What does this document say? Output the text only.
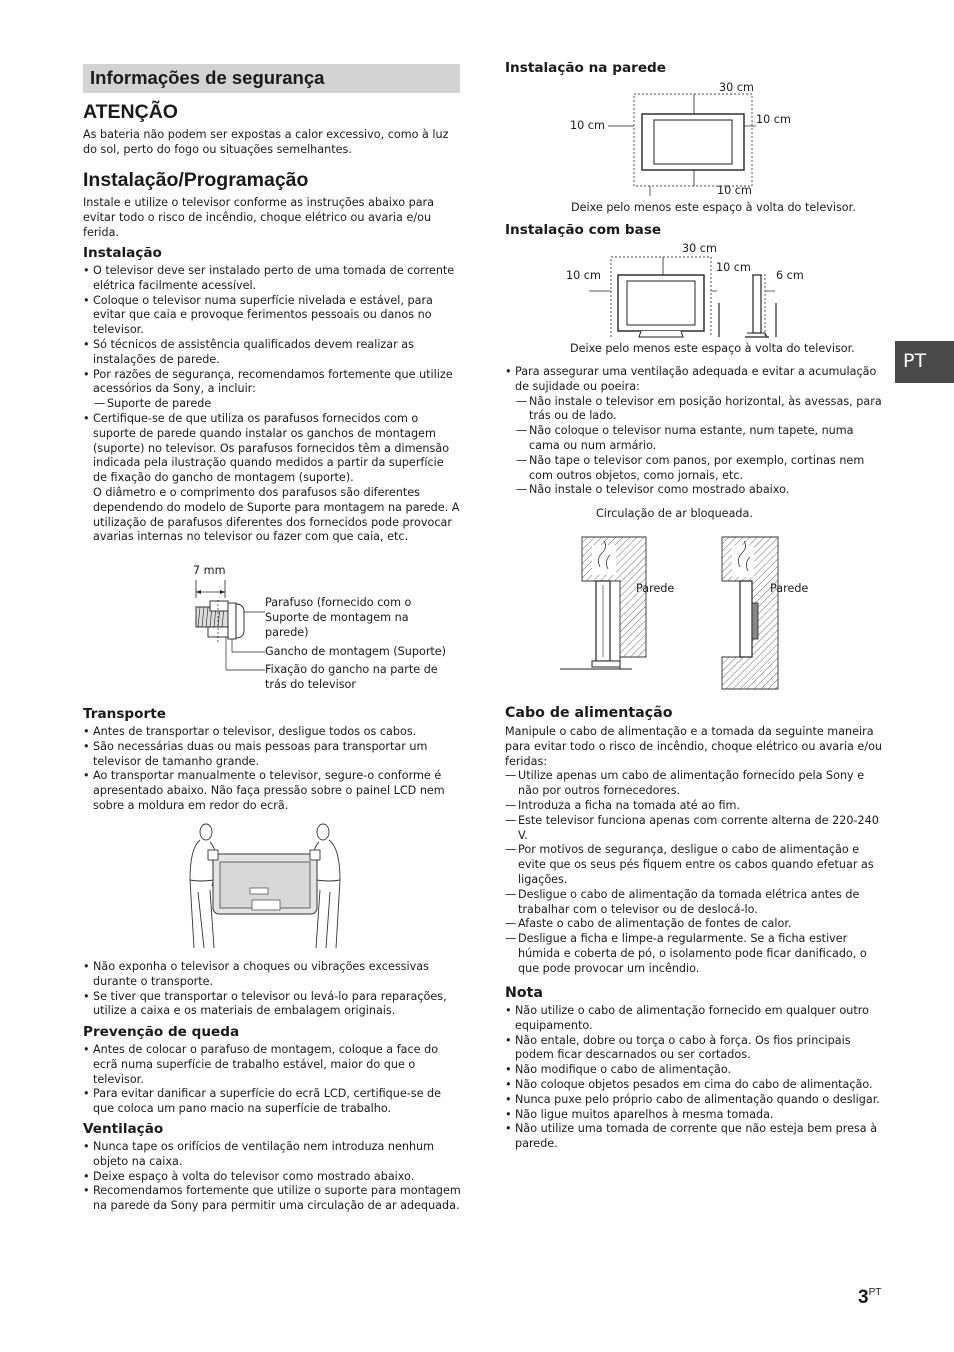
Informações de segurança
ATENÇÃO

As bateria não podem ser expostas a calor excessivo, como à luz do sol, perto do fogo ou situações semelhantes.

Instalação/Programação

Instale e utilize o televisor conforme as instruções abaixo para evitar todo o risco de incêndio, choque elétrico ou avaria e/ou ferida.

Instalação
• O televisor deve ser instalado perto de uma tomada de corrente elétrica facilmente acessível.
• Coloque o televisor numa superfície nivelada e estável, para evitar que caia e provoque ferimentos pessoais ou danos no televisor.
• Só técnicos de assistência qualificados devem realizar as instalações de parede.
• Por razões de segurança, recomendamos fortemente que utilize acessórios da Sony, a incluir:
— Suporte de parede
• Certifique-se de que utiliza os parafusos fornecidos com o suporte de parede quando instalar os ganchos de montagem (suporte) no televisor. Os parafusos fornecidos têm a dimensão indicada pela ilustração quando medidos a partir da superfície de fixação do gancho de montagem (suporte).

O diâmetro e o comprimento dos parafusos são diferentes dependendo do modelo de Suporte para montagem na parede. A utilização de parafusos diferentes dos fornecidos pode provocar avarias internas no televisor ou fazer com que caia, etc.

7 mm
Parafuso (fornecido com o Suporte de montagem na parede)
Gancho de montagem (Suporte)
Fixação do gancho na parte de trás do televisor
Transporte
• Antes de transportar o televisor, desligue todos os cabos.
• São necessárias duas ou mais pessoas para transportar um televisor de tamanho grande.
• Ao transportar manualmente o televisor, segure-o conforme é apresentado abaixo. Não faça pressão sobre o painel LCD nem sobre a moldura em redor do ecrã.
• Não exponha o televisor a choques ou vibrações excessivas durante o transporte.
• Se tiver que transportar o televisor ou levá-lo para reparações, utilize a caixa e os materiais de embalagem originais.
Prevenção de queda
• Antes de colocar o parafuso de montagem, coloque a face do ecrã numa superfície de trabalho estável, maior do que o televisor.
• Para evitar danificar a superfície do ecrã LCD, certifique-se de que coloca um pano macio na superfície de trabalho.
Ventilação
• Nunca tape os orifícios de ventilação nem introduza nenhum objeto na caixa.
• Deixe espaço à volta do televisor como mostrado abaixo.
• Recomendamos fortemente que utilize o suporte para montagem na parede da Sony para permitir uma circulação de ar adequada.
Instalação na parede
30 cm
10 cm	10 cm
10 cm
Deixe pelo menos este espaço à volta do televisor.
Instalação com base
30 cm
10 cm
10 cm
6 cm
Deixe pelo menos este espaço à volta do televisor.
• Para assegurar uma ventilação adequada e evitar a acumulação de sujidade ou poeira:
— Não instale o televisor em posição horizontal, às avessas, para trás ou de lado.
— Não coloque o televisor numa estante, num tapete, numa cama ou num armário.
— Não tape o televisor com panos, por exemplo, cortinas nem com outros objetos, como jornais, etc.
— Não instale o televisor como mostrado abaixo.
Circulação de ar bloqueada.
Parede	Parede
Cabo de alimentação

Manipule o cabo de alimentação e a tomada da seguinte maneira para evitar todo o risco de incêndio, choque elétrico ou avaria e/ou feridas:

— Utilize apenas um cabo de alimentação fornecido pela Sony e não por outros fornecedores.
— Introduza a ficha na tomada até ao fim.
— Este televisor funciona apenas com corrente alterna de 220-240 V.
— Por motivos de segurança, desligue o cabo de alimentação e evite que os seus pés fiquem entre os cabos quando efetuar as ligações.
— Desligue o cabo de alimentação da tomada elétrica antes de trabalhar com o televisor ou de deslocá-lo.
— Afaste o cabo de alimentação de fontes de calor.
— Desligue a ficha e limpe-a regularmente. Se a ficha estiver húmida e coberta de pó, o isolamento pode ficar danificado, o que pode provocar um incêndio.
Nota
• Não utilize o cabo de alimentação fornecido em qualquer outro equipamento.
• Não entale, dobre ou torça o cabo à força. Os fios principais podem ficar descarnados ou ser cortados.
• Não modifique o cabo de alimentação.
• Não coloque objetos pesados em cima do cabo de alimentação.
• Nunca puxe pelo próprio cabo de alimentação quando o desligar.
• Não ligue muitos aparelhos à mesma tomada.
• Não utilize uma tomada de corrente que não esteja bem presa à parede.
PT
$3^{PT}$
